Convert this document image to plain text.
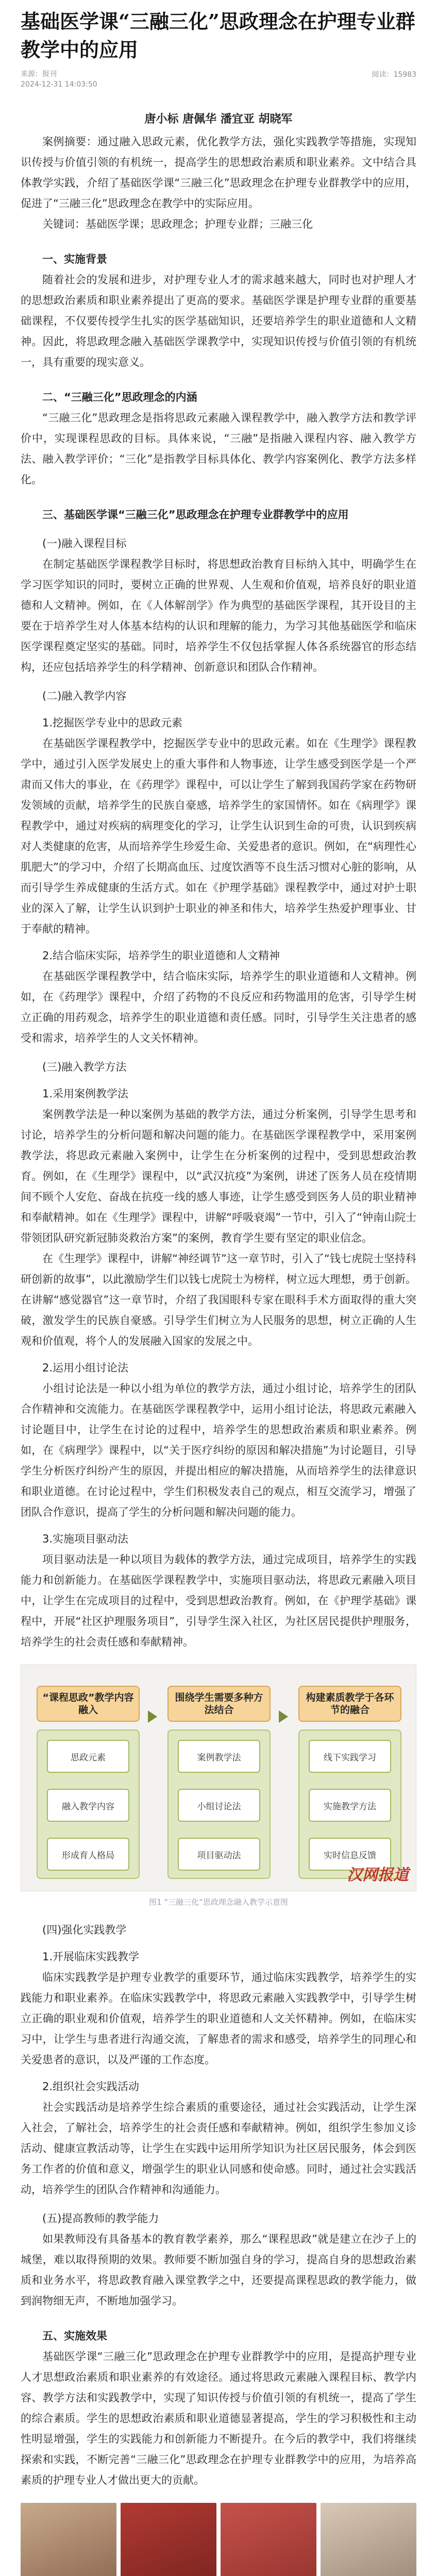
基础医学课“三融三化”思政理念在护理专业群教学中的应用
来源：报刊
2024-12-31 14:03:50
阅读：15983
唐小标 唐佩华 潘宜亚 胡晓军

案例摘要：通过融入思政元素，优化教学方法，强化实践教学等措施，实现知识传授与价值引领的有机统一，提高学生的思想政治素质和职业素养。文中结合具体教学实践，介绍了基础医学课“三融三化”思政理念在护理专业群教学中的应用，促进了“三融三化”思政理念在教学中的实际应用。

关键词：基础医学课；思政理念；护理专业群；三融三化

一、实施背景

随着社会的发展和进步，对护理专业人才的需求越来越大，同时也对护理人才的思想政治素质和职业素养提出了更高的要求。基础医学课是护理专业群的重要基础课程，不仅要传授学生扎实的医学基础知识，还要培养学生的职业道德和人文精神。因此，将思政理念融入基础医学课教学中，实现知识传授与价值引领的有机统一，具有重要的现实意义。

二、“三融三化”思政理念的内涵

“三融三化”思政理念是指将思政元素融入课程教学中，融入教学方法和教学评价中，实现课程思政的目标。具体来说，“三融”是指融入课程内容、融入教学方法、融入教学评价；“三化”是指教学目标具体化、教学内容案例化、教学方法多样化。

三、基础医学课“三融三化”思政理念在护理专业群教学中的应用
(一)融入课程目标

在制定基础医学课程教学目标时，将思想政治教育目标纳入其中，明确学生在学习医学知识的同时，要树立正确的世界观、人生观和价值观，培养良好的职业道德和人文精神。例如，在《人体解剖学》作为典型的基础医学课程，其开设目的主要在于培养学生对人体基本结构的认识和理解的能力，为学习其他基础医学和临床医学课程奠定坚实的基础。同时，培养学生不仅包括掌握人体各系统器官的形态结构，还应包括培养学生的科学精神、创新意识和团队合作精神。

(二)融入教学内容
1.挖掘医学专业中的思政元素

在基础医学课程教学中，挖掘医学专业中的思政元素。如在《生理学》课程教学中，通过引入医学发展史上的重大事件和人物事迹，让学生感受到医学是一个严肃而又伟大的事业，在《药理学》课程中，可以让学生了解到我国药学家在药物研发领域的贡献，培养学生的民族自豪感，培养学生的家国情怀。如在《病理学》课程教学中，通过对疾病的病理变化的学习，让学生认识到生命的可贵，认识到疾病对人类健康的危害，从而培养学生珍爱生命、关爱患者的意识。例如，在“病理性心肌肥大”的学习中，介绍了长期高血压、过度饮酒等不良生活习惯对心脏的影响，从而引导学生养成健康的生活方式。如在《护理学基础》课程教学中，通过对护士职业的深入了解，让学生认识到护士职业的神圣和伟大，培养学生热爱护理事业、甘于奉献的精神。

2.结合临床实际，培养学生的职业道德和人文精神

在基础医学课程教学中，结合临床实际，培养学生的职业道德和人文精神。例如，在《药理学》课程中，介绍了药物的不良反应和药物滥用的危害，引导学生树立正确的用药观念，培养学生的职业道德和责任感。同时，引导学生关注患者的感受和需求，培养学生的人文关怀精神。

(三)融入教学方法
1.采用案例教学法

案例教学法是一种以案例为基础的教学方法，通过分析案例，引导学生思考和讨论，培养学生的分析问题和解决问题的能力。在基础医学课程教学中，采用案例教学法，将思政元素融入案例中，让学生在分析案例的过程中，受到思想政治教育。例如，在《生理学》课程中，以“武汉抗疫”为案例，讲述了医务人员在疫情期间不顾个人安危、奋战在抗疫一线的感人事迹，让学生感受到医务人员的职业精神和奉献精神。如在《生理学》课程中，讲解“呼吸衰竭”一节中，引入了“钟南山院士带领团队研究新冠肺炎救治方案”的案例，教育学生要有坚定的职业信念。

在《生理学》课程中，讲解“神经调节”这一章节时，引入了“钱七虎院士坚持科研创新的故事”，以此激励学生们以钱七虎院士为榜样，树立远大理想，勇于创新。在讲解“感觉器官”这一章节时，介绍了我国眼科专家在眼科手术方面取得的重大突破，激发学生的民族自豪感。引导学生们树立为人民服务的思想，树立正确的人生观和价值观，将个人的发展融入国家的发展之中。

2.运用小组讨论法

小组讨论法是一种以小组为单位的教学方法，通过小组讨论，培养学生的团队合作精神和交流能力。在基础医学课程教学中，运用小组讨论法，将思政元素融入讨论题目中，让学生在讨论的过程中，培养学生的思想政治素质和职业素养。例如，在《病理学》课程中，以“关于医疗纠纷的原因和解决措施”为讨论题目，引导学生分析医疗纠纷产生的原因，并提出相应的解决措施，从而培养学生的法律意识和职业道德。在讨论过程中，学生们积极发表自己的观点，相互交流学习，增强了团队合作意识，提高了学生的分析问题和解决问题的能力。

3.实施项目驱动法

项目驱动法是一种以项目为载体的教学方法，通过完成项目，培养学生的实践能力和创新能力。在基础医学课程教学中，实施项目驱动法，将思政元素融入项目中，让学生在完成项目的过程中，受到思想政治教育。例如，在《护理学基础》课程中，开展“社区护理服务项目”，引导学生深入社区，为社区居民提供护理服务，培养学生的社会责任感和奉献精神。

“课程思政”教学内容融入
围绕学生需要多种方法结合
构建素质教学于各环节的融合
思政元素
融入教学内容
形成育人格局
案例教学法
小组讨论法
项目驱动法
线下实践学习
实施教学方法
实时信息反馈
汉网报道
图1 “三融三化”思政理念融入教学示意图
(四)强化实践教学
1.开展临床实践教学

临床实践教学是护理专业教学的重要环节，通过临床实践教学，培养学生的实践能力和职业素养。在临床实践教学中，将思政元素融入实践教学中，引导学生树立正确的职业观和价值观，培养学生的职业道德和人文关怀精神。例如，在临床实习中，让学生与患者进行沟通交流，了解患者的需求和感受，培养学生的同理心和关爱患者的意识，以及严谨的工作态度。

2.组织社会实践活动

社会实践活动是培养学生综合素质的重要途径，通过社会实践活动，让学生深入社会，了解社会，培养学生的社会责任感和奉献精神。例如，组织学生参加义诊活动、健康宣教活动等，让学生在实践中运用所学知识为社区居民服务，体会到医务工作者的价值和意义，增强学生的职业认同感和使命感。同时，通过社会实践活动，培养学生的团队合作精神和沟通能力。

(五)提高教师的教学能力

如果教师没有具备基本的教育教学素养，那么“课程思政”就是建立在沙子上的城堡，难以取得预期的效果。教师要不断加强自身的学习，提高自身的思想政治素质和业务水平，将思政教育融入课堂教学之中，还要提高课程思政的教学能力，做到润物细无声，不断地加强学习。

五、实施效果

基础医学课“三融三化”思政理念在护理专业群教学中的应用，是提高护理专业人才思想政治素质和职业素养的有效途径。通过将思政元素融入课程目标、教学内容、教学方法和实践教学中，实现了知识传授与价值引领的有机统一，提高了学生的综合素质。学生的思想政治素质和职业道德显著提高，学生的学习积极性和主动性明显增强，学生的实践能力和创新能力不断提升。在今后的教学中，我们将继续探索和实践，不断完善“三融三化”思政理念在护理专业群教学中的应用，为培养高素质的护理专业人才做出更大的贡献。
